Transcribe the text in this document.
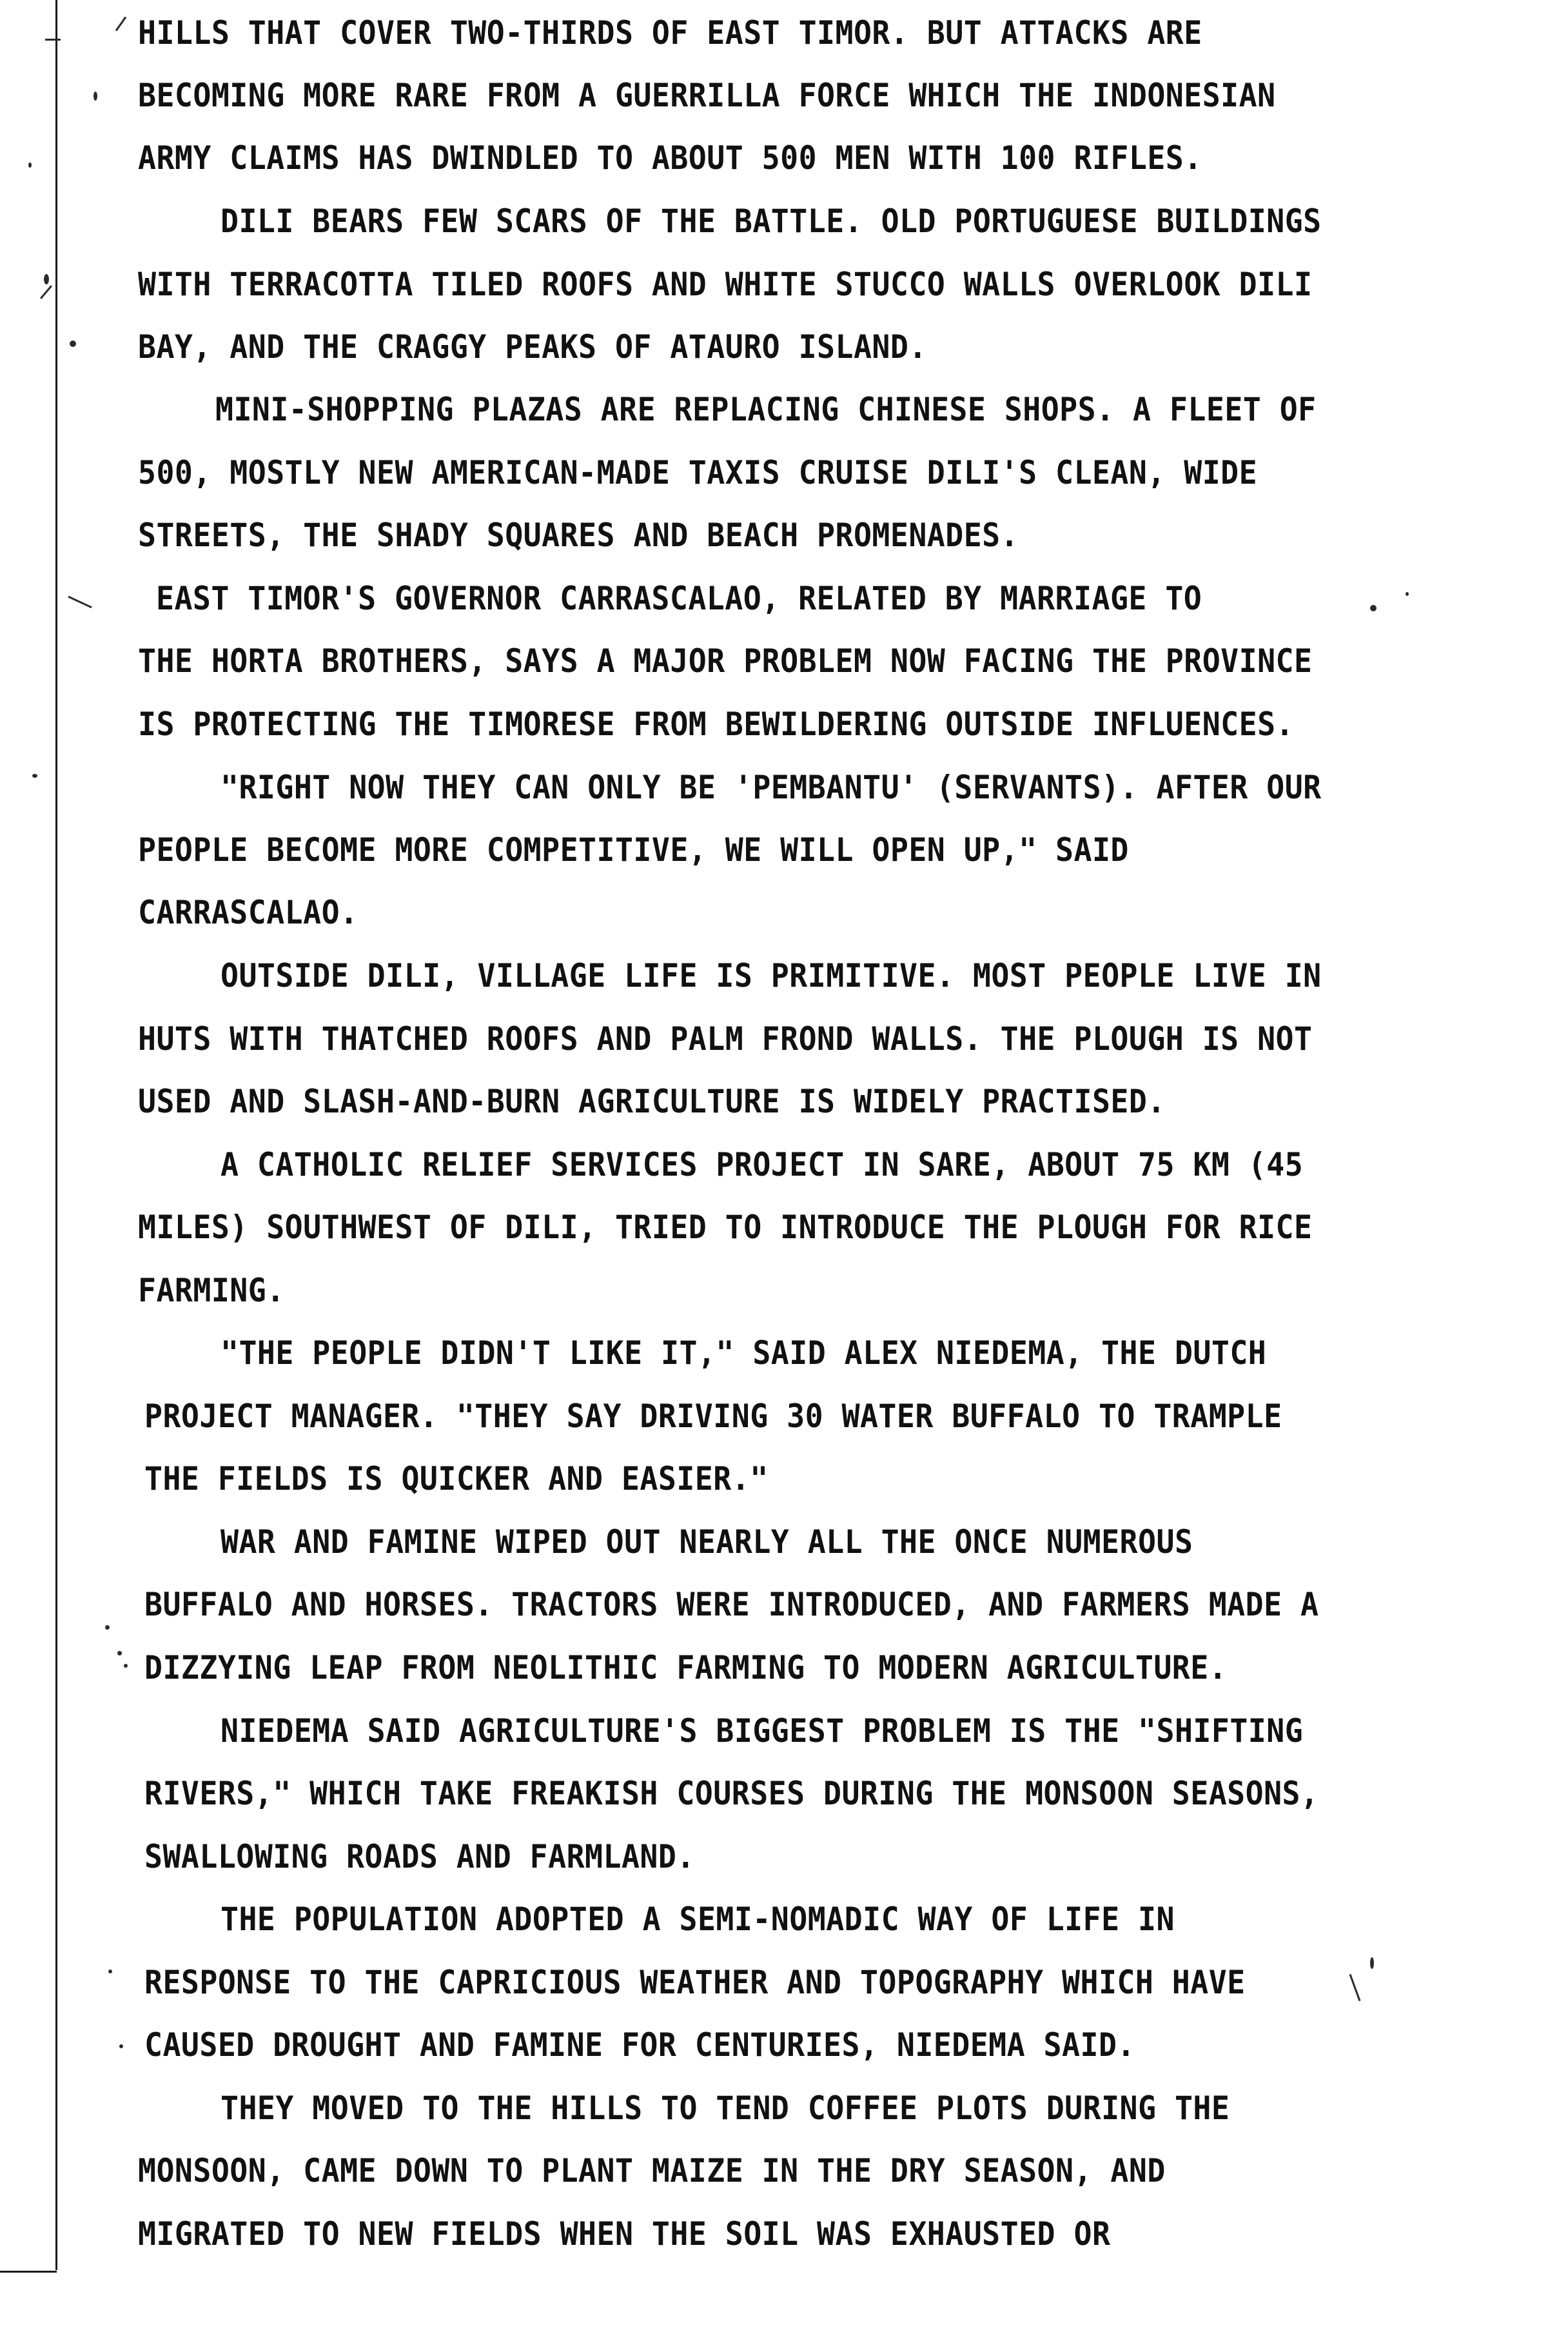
HILLS THAT COVER TWO-THIRDS OF EAST TIMOR. BUT ATTACKS ARE
BECOMING MORE RARE FROM A GUERRILLA FORCE WHICH THE INDONESIAN
ARMY CLAIMS HAS DWINDLED TO ABOUT 500 MEN WITH 100 RIFLES.
DILI BEARS FEW SCARS OF THE BATTLE. OLD PORTUGUESE BUILDINGS
WITH TERRACOTTA TILED ROOFS AND WHITE STUCCO WALLS OVERLOOK DILI
BAY, AND THE CRAGGY PEAKS OF ATAURO ISLAND.
MINI-SHOPPING PLAZAS ARE REPLACING CHINESE SHOPS. A FLEET OF
500, MOSTLY NEW AMERICAN-MADE TAXIS CRUISE DILI'S CLEAN, WIDE
STREETS, THE SHADY SQUARES AND BEACH PROMENADES.
EAST TIMOR'S GOVERNOR CARRASCALAO, RELATED BY MARRIAGE TO
THE HORTA BROTHERS, SAYS A MAJOR PROBLEM NOW FACING THE PROVINCE
IS PROTECTING THE TIMORESE FROM BEWILDERING OUTSIDE INFLUENCES.
"RIGHT NOW THEY CAN ONLY BE 'PEMBANTU' (SERVANTS). AFTER OUR
PEOPLE BECOME MORE COMPETITIVE, WE WILL OPEN UP," SAID
CARRASCALAO.
OUTSIDE DILI, VILLAGE LIFE IS PRIMITIVE. MOST PEOPLE LIVE IN
HUTS WITH THATCHED ROOFS AND PALM FROND WALLS. THE PLOUGH IS NOT
USED AND SLASH-AND-BURN AGRICULTURE IS WIDELY PRACTISED.
A CATHOLIC RELIEF SERVICES PROJECT IN SARE, ABOUT 75 KM (45
MILES) SOUTHWEST OF DILI, TRIED TO INTRODUCE THE PLOUGH FOR RICE
FARMING.
"THE PEOPLE DIDN'T LIKE IT," SAID ALEX NIEDEMA, THE DUTCH
PROJECT MANAGER. "THEY SAY DRIVING 30 WATER BUFFALO TO TRAMPLE
THE FIELDS IS QUICKER AND EASIER."
WAR AND FAMINE WIPED OUT NEARLY ALL THE ONCE NUMEROUS
BUFFALO AND HORSES. TRACTORS WERE INTRODUCED, AND FARMERS MADE A
DIZZYING LEAP FROM NEOLITHIC FARMING TO MODERN AGRICULTURE.
NIEDEMA SAID AGRICULTURE'S BIGGEST PROBLEM IS THE "SHIFTING
RIVERS," WHICH TAKE FREAKISH COURSES DURING THE MONSOON SEASONS,
SWALLOWING ROADS AND FARMLAND.
THE POPULATION ADOPTED A SEMI-NOMADIC WAY OF LIFE IN
RESPONSE TO THE CAPRICIOUS WEATHER AND TOPOGRAPHY WHICH HAVE
CAUSED DROUGHT AND FAMINE FOR CENTURIES, NIEDEMA SAID.
THEY MOVED TO THE HILLS TO TEND COFFEE PLOTS DURING THE
MONSOON, CAME DOWN TO PLANT MAIZE IN THE DRY SEASON, AND
MIGRATED TO NEW FIELDS WHEN THE SOIL WAS EXHAUSTED OR
